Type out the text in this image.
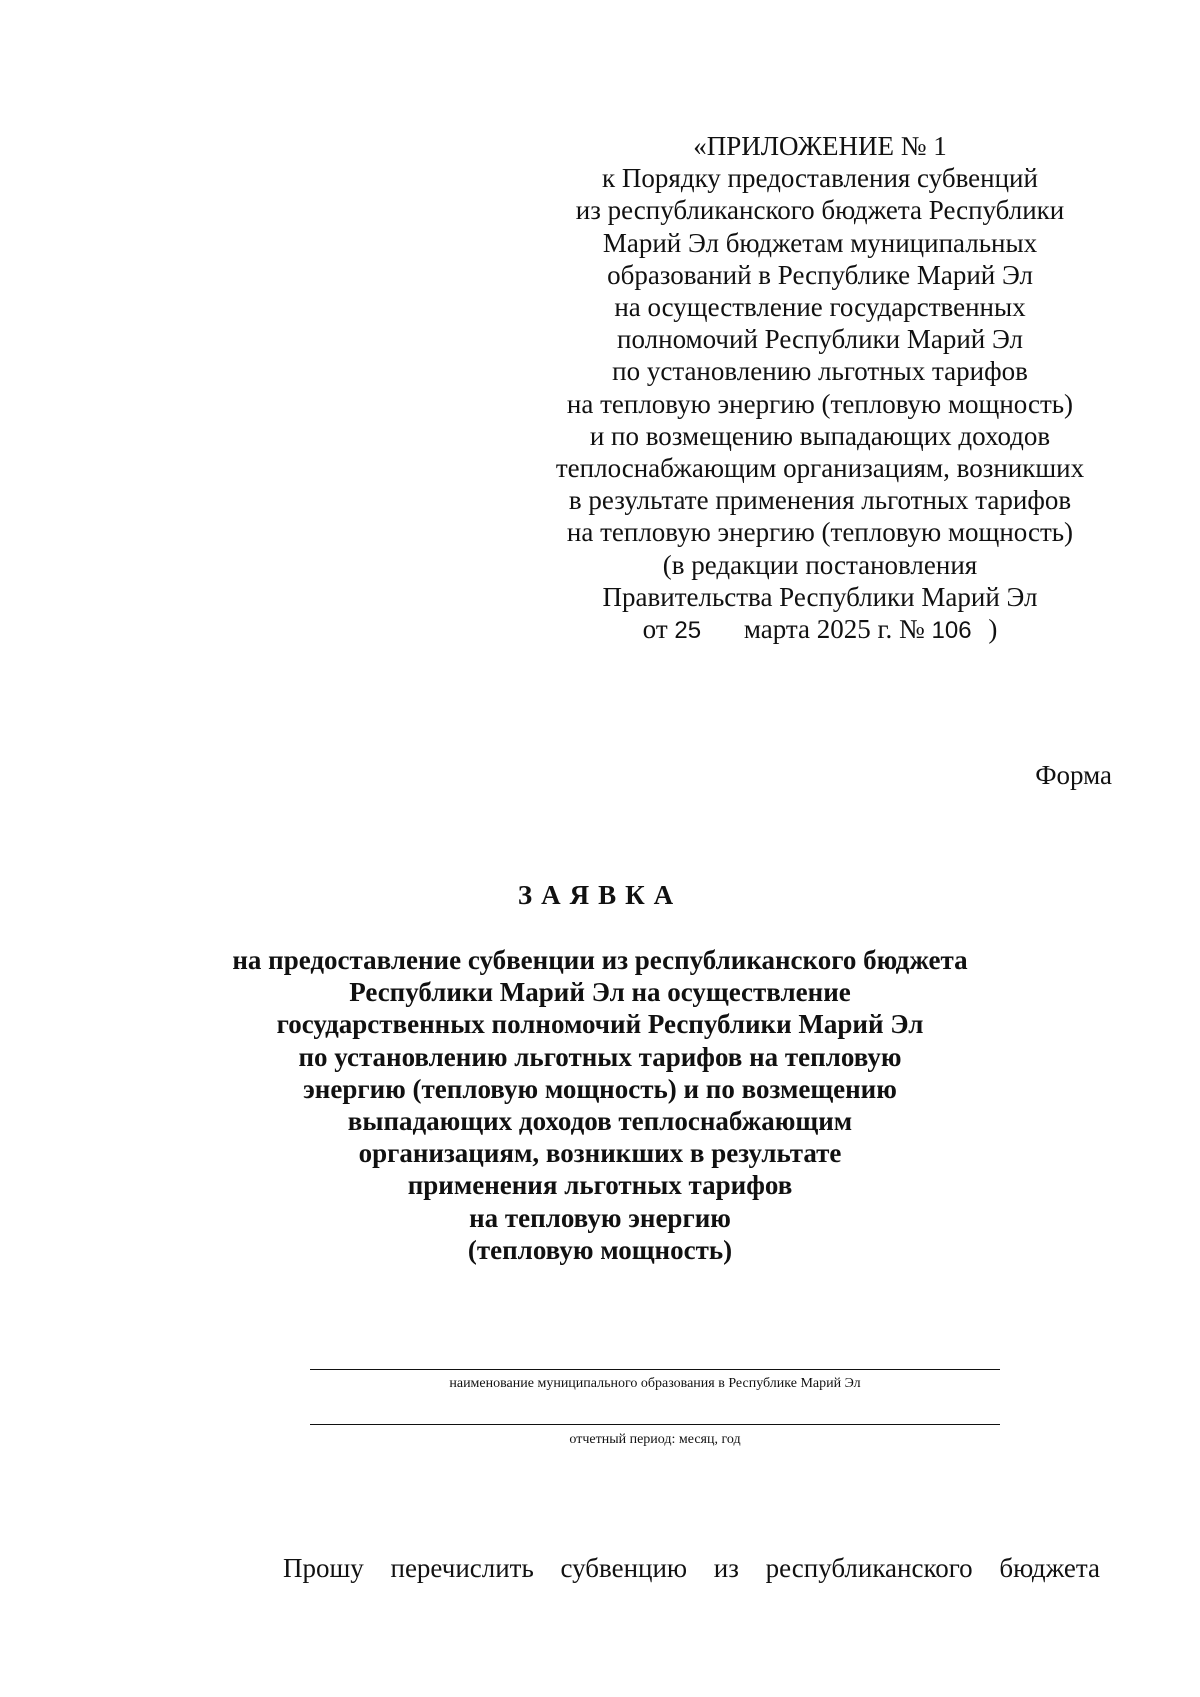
«ПРИЛОЖЕНИЕ № 1
к Порядку предоставления субвенций
из республиканского бюджета Республики
Марий Эл бюджетам муниципальных
образований в Республике Марий Эл
на осуществление государственных
полномочий Республики Марий Эл
по установлению льготных тарифов
на тепловую энергию (тепловую мощность)
и по возмещению выпадающих доходов
теплоснабжающим организациям, возникших
в результате применения льготных тарифов
на тепловую энергию (тепловую мощность)
(в редакции постановления
Правительства Республики Марий Эл
от 25 марта 2025 г. № 106 )
Форма
ЗАЯВКА
на предоставление субвенции из республиканского бюджета
Республики Марий Эл на осуществление
государственных полномочий Республики Марий Эл
по установлению льготных тарифов на тепловую
энергию (тепловую мощность) и по возмещению
выпадающих доходов теплоснабжающим
организациям, возникших в результате
применения льготных тарифов
на тепловую энергию
(тепловую мощность)
наименование муниципального образования в Республике Марий Эл
отчетный период: месяц, год
Прошу перечислить субвенцию из республиканского бюджета
